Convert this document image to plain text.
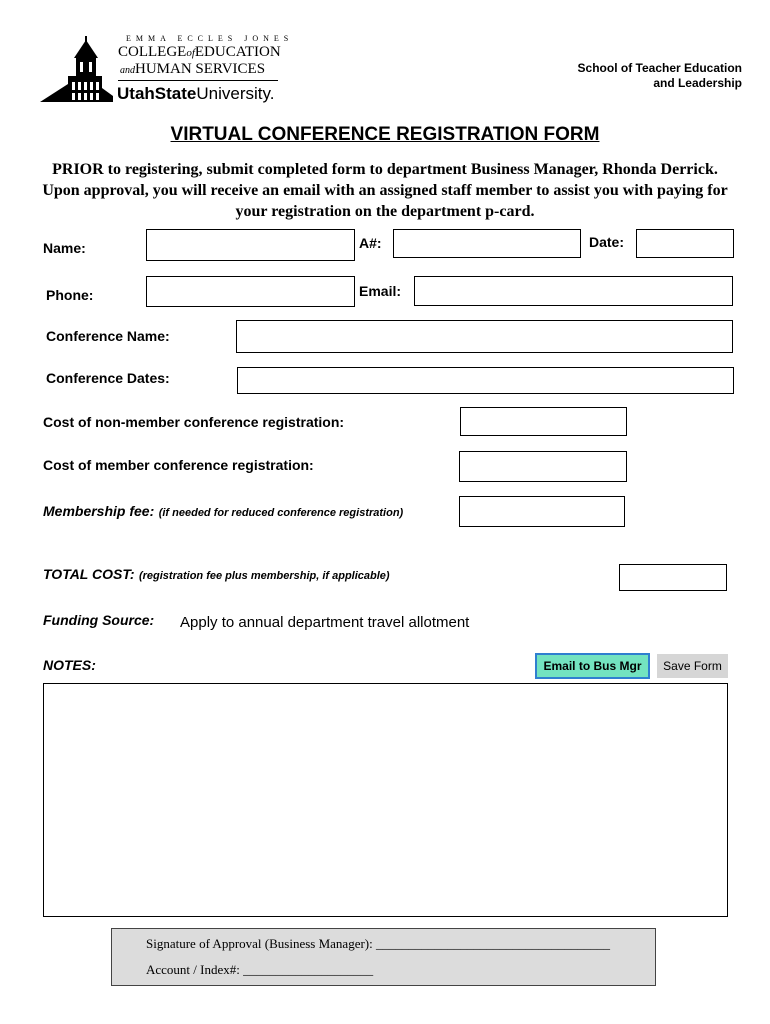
EMMA ECCLES JONES
COLLEGEofEDUCATION
andHUMAN SERVICES
UtahStateUniversity.
School of Teacher Education
and Leadership
VIRTUAL CONFERENCE REGISTRATION FORM
PRIOR to registering, submit completed form to department Business Manager, Rhonda Derrick. Upon approval, you will receive an email with an assigned staff member to assist you with paying for your registration on the department p-card.
Name:	A#:	Date:
Phone:	Email:
Conference Name:
Conference Dates:
Cost of non-member conference registration:
Cost of member conference registration:
Membership fee: (if needed for reduced conference registration)
TOTAL COST: (registration fee plus membership, if applicable)
Funding Source: Apply to annual department travel allotment
NOTES:	Email to Bus Mgr	Save Form
Signature of Approval (Business Manager): ____________________________________
Account / Index#: ____________________
